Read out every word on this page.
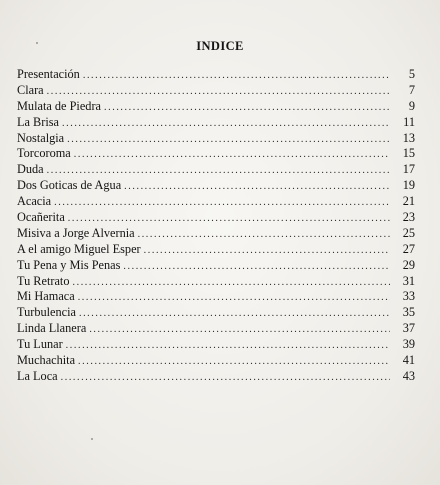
INDICE
Presentación .....	5
Clara .....	7
Mulata de Piedra .....	9
La Brisa .....	11
Nostalgia .....	13
Torcoroma .....	15
Duda .....	17
Dos Goticas de Agua .....	19
Acacia .....	21
Ocañerita .....	23
Misiva a Jorge Alvernia .....	25
A el amigo Miguel Esper .....	27
Tu Pena y Mis Penas .....	29
Tu Retrato .....	31
Mi Hamaca .....	33
Turbulencia .....	35
Linda Llanera .....	37
Tu Lunar .....	39
Muchachita .....	41
La Loca .....	43
